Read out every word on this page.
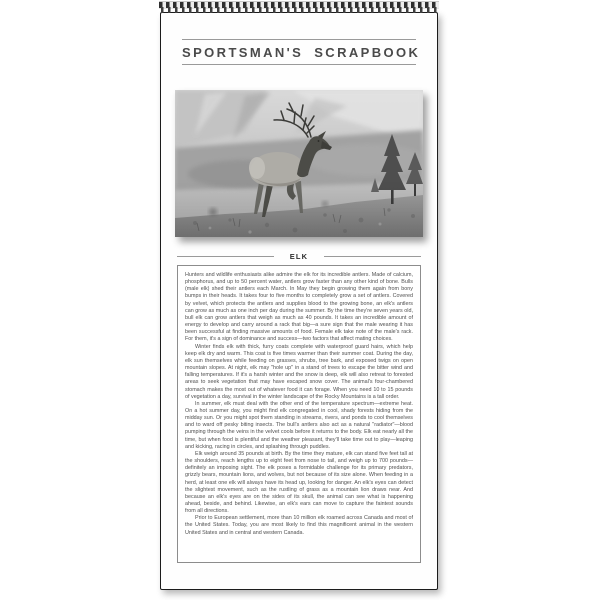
SPORTSMAN'S SCRAPBOOK
ELK

Hunters and wildlife enthusiasts alike admire the elk for its incredible antlers. Made of calcium, phosphorus, and up to 50 percent water, antlers grow faster than any other kind of bone. Bulls (male elk) shed their antlers each March. In May they begin growing them again from bony bumps in their heads. It takes four to five months to completely grow a set of antlers. Covered by velvet, which protects the antlers and supplies blood to the growing bone, an elk's antlers can grow as much as one inch per day during the summer. By the time they're seven years old, bull elk can grow antlers that weigh as much as 40 pounds. It takes an incredible amount of energy to develop and carry around a rack that big—a sure sign that the male wearing it has been successful at finding massive amounts of food. Female elk take note of the male's rack. For them, it's a sign of dominance and success—two factors that affect mating choices.

Winter finds elk with thick, furry coats complete with waterproof guard hairs, which help keep elk dry and warm. This coat is five times warmer than their summer coat. During the day, elk sun themselves while feeding on grasses, shrubs, tree bark, and exposed twigs on open mountain slopes. At night, elk may "hole up" in a stand of trees to escape the bitter wind and falling temperatures. If it's a harsh winter and the snow is deep, elk will also retreat to forested areas to seek vegetation that may have escaped snow cover. The animal's four-chambered stomach makes the most out of whatever food it can forage. When you need 10 to 15 pounds of vegetation a day, survival in the winter landscape of the Rocky Mountains is a tall order.

In summer, elk must deal with the other end of the temperature spectrum—extreme heat. On a hot summer day, you might find elk congregated in cool, shady forests hiding from the midday sun. Or you might spot them standing in streams, rivers, and ponds to cool themselves and to ward off pesky biting insects. The bull's antlers also act as a natural "radiator"—blood pumping through the veins in the velvet cools before it returns to the body. Elk eat nearly all the time, but when food is plentiful and the weather pleasant, they'll take time out to play—leaping and kicking, racing in circles, and splashing through puddles.

Elk weigh around 35 pounds at birth. By the time they mature, elk can stand five feet tall at the shoulders, reach lengths up to eight feet from nose to tail, and weigh up to 700 pounds—definitely an imposing sight. The elk poses a formidable challenge for its primary predators, grizzly bears, mountain lions, and wolves, but not because of its size alone. When feeding in a herd, at least one elk will always have its head up, looking for danger. An elk's eyes can detect the slightest movement, such as the rustling of grass as a mountain lion draws near. And because an elk's eyes are on the sides of its skull, the animal can see what is happening ahead, beside, and behind. Likewise, an elk's ears can move to capture the faintest sounds from all directions.

Prior to European settlement, more than 10 million elk roamed across Canada and most of the United States. Today, you are most likely to find this magnificent animal in the western United States and in central and western Canada.
